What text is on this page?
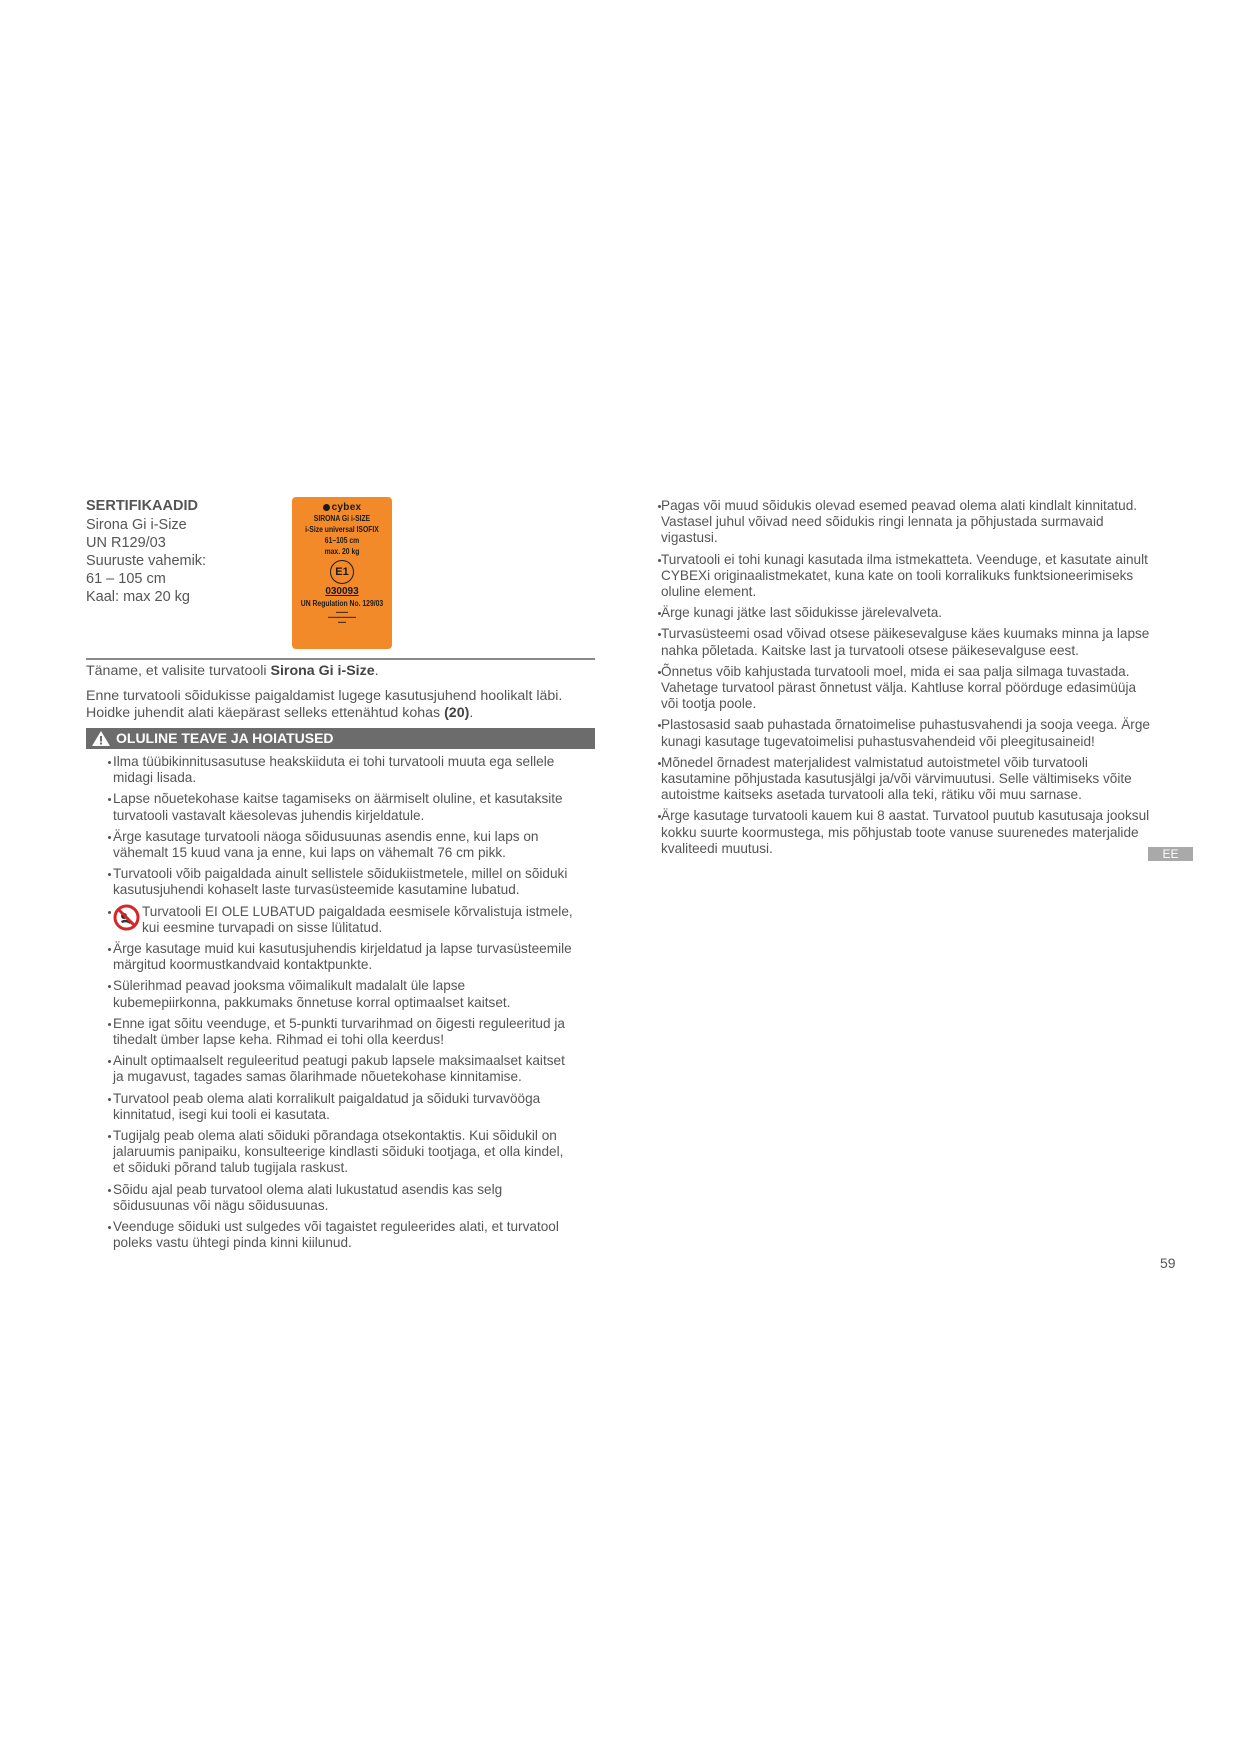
SERTIFIKAADID
Sirona Gi i-Size
UN R129/03
Suuruste vahemik:
61 – 105 cm
Kaal: max 20 kg
cybex
SIRONA Gi i-SIZE
i-Size universal ISOFIX
61–105 cm
max. 20 kg
E1
030093
UN Regulation No. 129/03
▬▬▬
▬▬▬▬▬▬▬
▬▬

Täname, et valisite turvatooli Sirona Gi i-Size.

Enne turvatooli sõidukisse paigaldamist lugege kasutusjuhend hoolikalt läbi.
Hoidke juhendit alati käepärast selleks ettenähtud kohas (20).

OLULINE TEAVE JA HOIATUSED
Ilma tüübikinnitusasutuse heakskiiduta ei tohi turvatooli muuta ega sellele midagi lisada.
Lapse nõuetekohase kaitse tagamiseks on äärmiselt oluline, et kasutaksite turvatooli vastavalt käesolevas juhendis kirjeldatule.
Ärge kasutage turvatooli näoga sõidusuunas asendis enne, kui laps on vähemalt 15 kuud vana ja enne, kui laps on vähemalt 76 cm pikk.
Turvatooli võib paigaldada ainult sellistele sõidukiistmetele, millel on sõiduki kasutusjuhendi kohaselt laste turvasüsteemide kasutamine lubatud.
Turvatooli EI OLE LUBATUD paigaldada eesmisele kõrvalistuja istmele, kui eesmine turvapadi on sisse lülitatud.
Ärge kasutage muid kui kasutusjuhendis kirjeldatud ja lapse turvasüsteemile märgitud koormustkandvaid kontaktpunkte.
Sülerihmad peavad jooksma võimalikult madalalt üle lapse kubemepiirkonna, pakkumaks õnnetuse korral optimaalset kaitset.
Enne igat sõitu veenduge, et 5-punkti turvarihmad on õigesti reguleeritud ja tihedalt ümber lapse keha. Rihmad ei tohi olla keerdus!
Ainult optimaalselt reguleeritud peatugi pakub lapsele maksimaalset kaitset ja mugavust, tagades samas õlarihmade nõuetekohase kinnitamise.
Turvatool peab olema alati korralikult paigaldatud ja sõiduki turvavööga kinnitatud, isegi kui tooli ei kasutata.
Tugijalg peab olema alati sõiduki põrandaga otsekontaktis. Kui sõidukil on jalaruumis panipaiku, konsulteerige kindlasti sõiduki tootjaga, et olla kindel, et sõiduki põrand talub tugijala raskust.
Sõidu ajal peab turvatool olema alati lukustatud asendis kas selg sõidusuunas või nägu sõidusuunas.
Veenduge sõiduki ust sulgedes või tagaistet reguleerides alati, et turvatool poleks vastu ühtegi pinda kinni kiilunud.
Pagas või muud sõidukis olevad esemed peavad olema alati kindlalt kinnitatud. Vastasel juhul võivad need sõidukis ringi lennata ja põhjustada surmavaid vigastusi.
Turvatooli ei tohi kunagi kasutada ilma istmekatteta. Veenduge, et kasutate ainult CYBEXi originaalistmekatet, kuna kate on tooli korralikuks funktsioneerimiseks oluline element.
Ärge kunagi jätke last sõidukisse järelevalveta.
Turvasüsteemi osad võivad otsese päikesevalguse käes kuumaks minna ja lapse nahka põletada. Kaitske last ja turvatooli otsese päikesevalguse eest.
Õnnetus võib kahjustada turvatooli moel, mida ei saa palja silmaga tuvastada. Vahetage turvatool pärast õnnetust välja. Kahtluse korral pöörduge edasimüüja või tootja poole.
Plastosasid saab puhastada õrnatoimelise puhastusvahendi ja sooja veega. Ärge kunagi kasutage tugevatoimelisi puhastusvahendeid või pleegitusaineid!
Mõnedel õrnadest materjalidest valmistatud autoistmetel võib turvatooli kasutamine põhjustada kasutusjälgi ja/või värvimuutusi. Selle vältimiseks võite autoistme kaitseks asetada turvatooli alla teki, rätiku või muu sarnase.
Ärge kasutage turvatooli kauem kui 8 aastat. Turvatool puutub kasutusaja jooksul kokku suurte koormustega, mis põhjustab toote vanuse suurenedes materjalide kvaliteedi muutusi.	EE
59
